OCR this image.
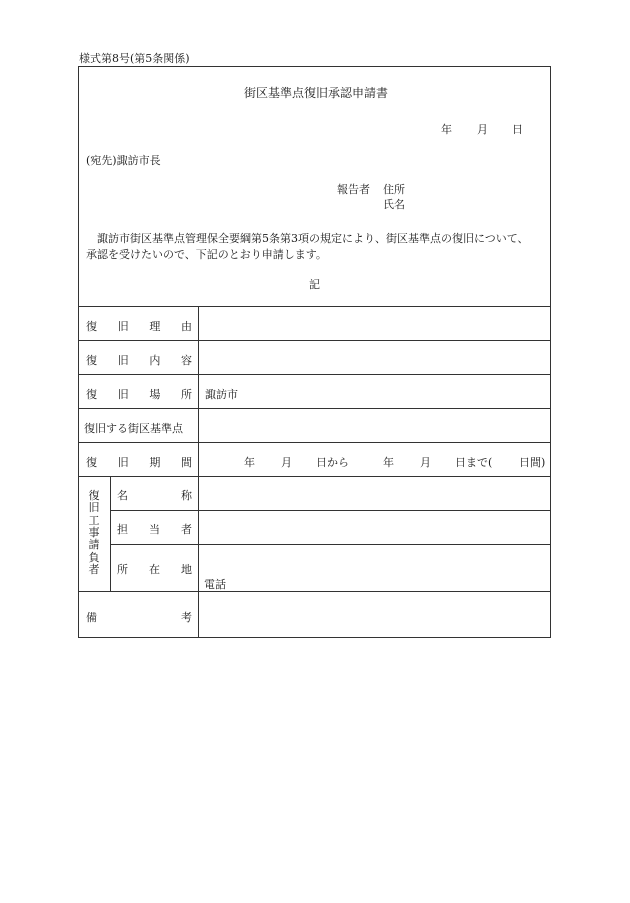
様式第8号(第5条関係)
街区基準点復旧承認申請書
年 月 日
(宛先)諏訪市長
報告者 住所
氏名
諏訪市街区基準点管理保全要綱第5条第3項の規定により、街区基準点の復旧について、
承認を受けたいので、下記のとおり申請します。
記
復 旧 理 由
復 旧 内 容
復 旧 場 所 諏訪市
復旧する街区基準点
復 旧 期 間	年 月 日から	年 月 日まで( 日間)
復
旧
工
事
請
負
者
名	称
担 当 者
所 在 地
電話
備	考
